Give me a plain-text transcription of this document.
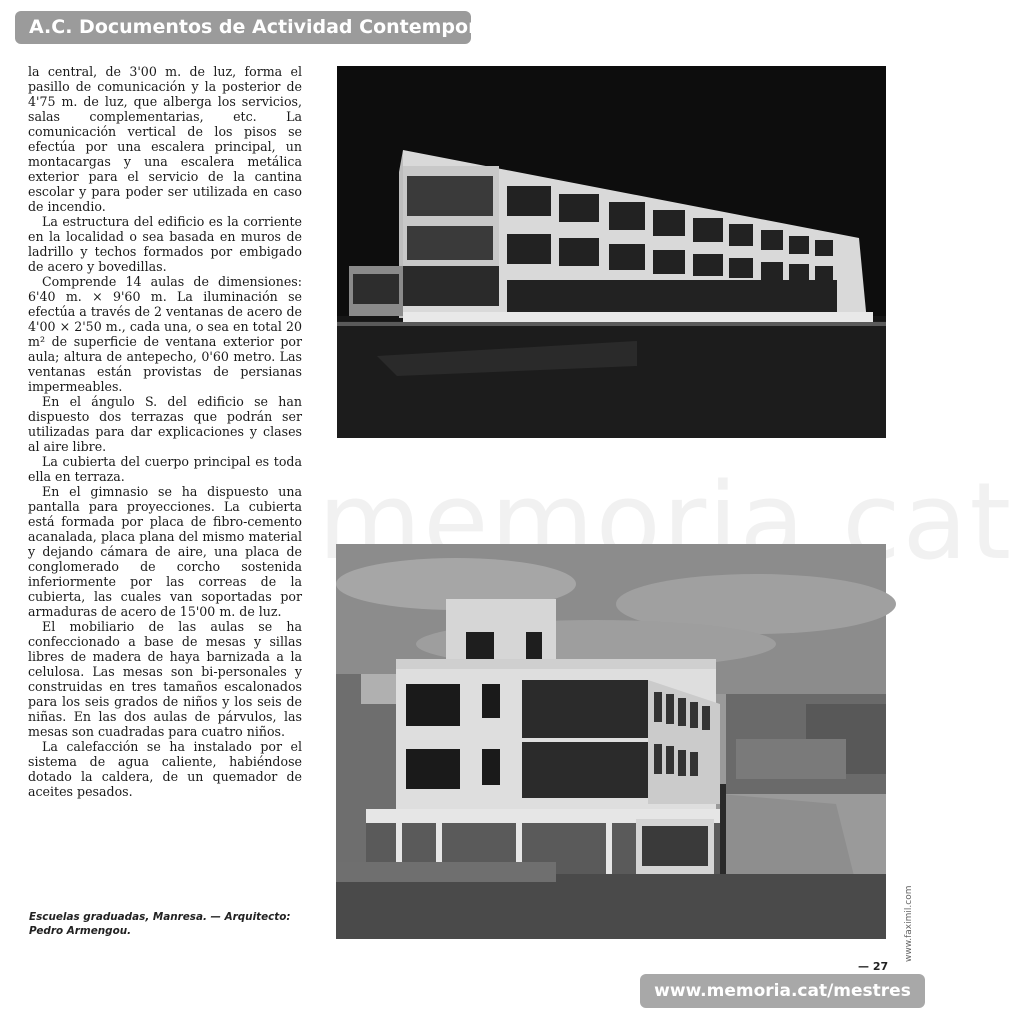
A.C. Documentos de Actividad Contemporánea
memoria.cat

la central, de 3'00 m. de luz, forma el pasillo de comunicación y la posterior de 4'75 m. de luz, que alberga los servicios, salas complementarias, etc. La comunicación vertical de los pisos se efectúa por una escalera principal, un montacargas y una escalera metálica exterior para el servicio de la cantina escolar y para poder ser utilizada en caso de incendio.

La estructura del edificio es la corriente en la localidad o sea basada en muros de ladrillo y techos formados por embigado de acero y bovedillas.

Comprende 14 aulas de dimensiones: 6'40 m. × 9'60 m. La iluminación se efectúa a través de 2 ventanas de acero de 4'00 × 2'50 m., cada una, o sea en total 20 m² de superficie de ventana exterior por aula; altura de antepecho, 0'60 metro. Las ventanas están provistas de persianas impermeables.

En el ángulo S. del edificio se han dispuesto dos terrazas que podrán ser utilizadas para dar explicaciones y clases al aire libre.

La cubierta del cuerpo principal es toda ella en terraza.

En el gimnasio se ha dispuesto una pantalla para proyecciones. La cubierta está formada por placa de fibro-cemento acanalada, placa plana del mismo material y dejando cámara de aire, una placa de conglomerado de corcho sostenida inferiormente por las correas de la cubierta, las cuales van soportadas por armaduras de acero de 15'00 m. de luz.

El mobiliario de las aulas se ha confeccionado a base de mesas y sillas libres de madera de haya barnizada a la celulosa. Las mesas son bi-personales y construidas en tres tamaños escalonados para los seis grados de niños y los seis de niñas. En las dos aulas de párvulos, las mesas son cuadradas para cuatro niños.

La calefacción se ha instalado por el sistema de agua caliente, habiéndose dotado la caldera, de un quemador de aceites pesados.

Escuelas graduadas, Manresa. — Arquitecto:
Pedro Armengou.
— 27
www.faximil.com
www.memoria.cat/mestres
